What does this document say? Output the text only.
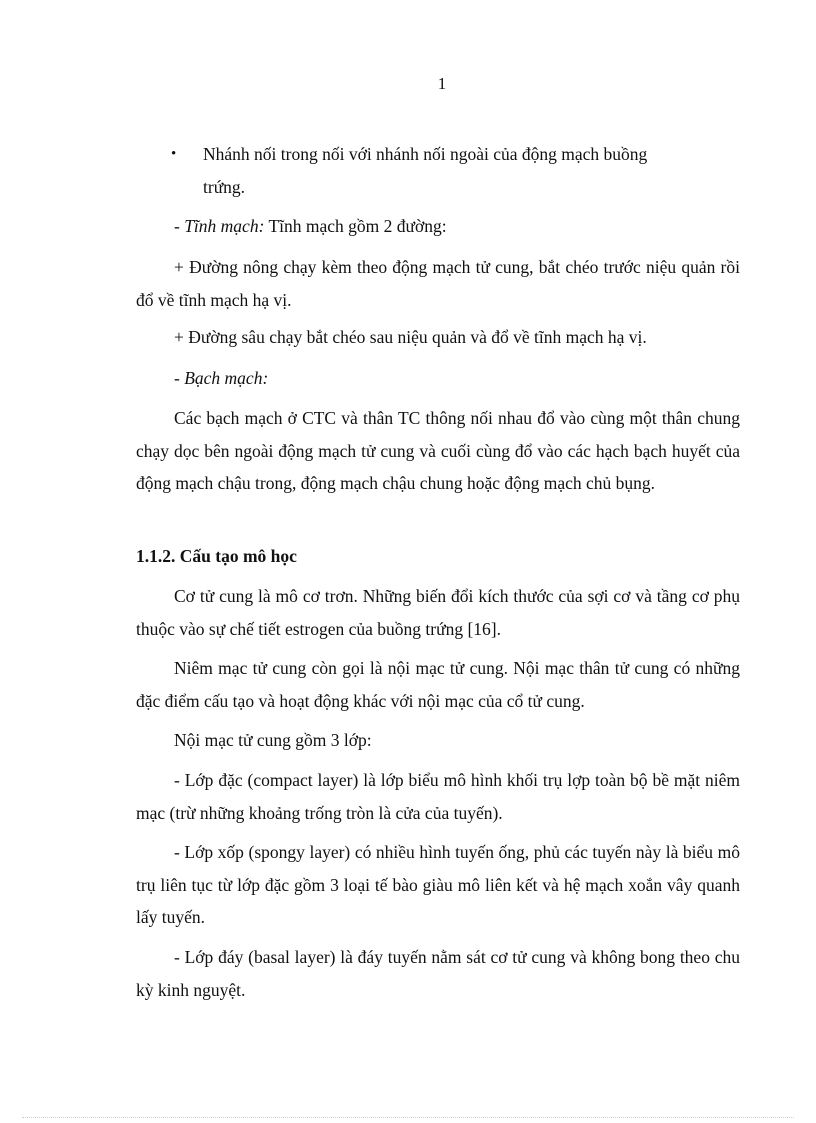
1
• Nhánh nối trong nối với nhánh nối ngoài của động mạch buồng
trứng.

- Tĩnh mạch: Tĩnh mạch gồm 2 đường:

+ Đường nông chạy kèm theo động mạch tử cung, bắt chéo trước niệu quản rồi đổ về tĩnh mạch hạ vị.

+ Đường sâu chạy bắt chéo sau niệu quản và đổ về tĩnh mạch hạ vị.

- Bạch mạch:

Các bạch mạch ở CTC và thân TC thông nối nhau đổ vào cùng một thân chung chạy dọc bên ngoài động mạch tử cung và cuối cùng đổ vào các hạch bạch huyết của động mạch chậu trong, động mạch chậu chung hoặc động mạch chủ bụng.

1.1.2. Cấu tạo mô học

Cơ tử cung là mô cơ trơn. Những biến đổi kích thước của sợi cơ và tầng cơ phụ thuộc vào sự chế tiết estrogen của buồng trứng [16].

Niêm mạc tử cung còn gọi là nội mạc tử cung. Nội mạc thân tử cung có những đặc điểm cấu tạo và hoạt động khác với nội mạc của cổ tử cung.

Nội mạc tử cung gồm 3 lớp:

- Lớp đặc (compact layer) là lớp biểu mô hình khối trụ lợp toàn bộ bề mặt niêm mạc (trừ những khoảng trống tròn là cửa của tuyến).

- Lớp xốp (spongy layer) có nhiều hình tuyến ống, phủ các tuyến này là biểu mô trụ liên tục từ lớp đặc gồm 3 loại tế bào giàu mô liên kết và hệ mạch xoắn vây quanh lấy tuyến.

- Lớp đáy (basal layer) là đáy tuyến nằm sát cơ tử cung và không bong theo chu kỳ kinh nguyệt.
